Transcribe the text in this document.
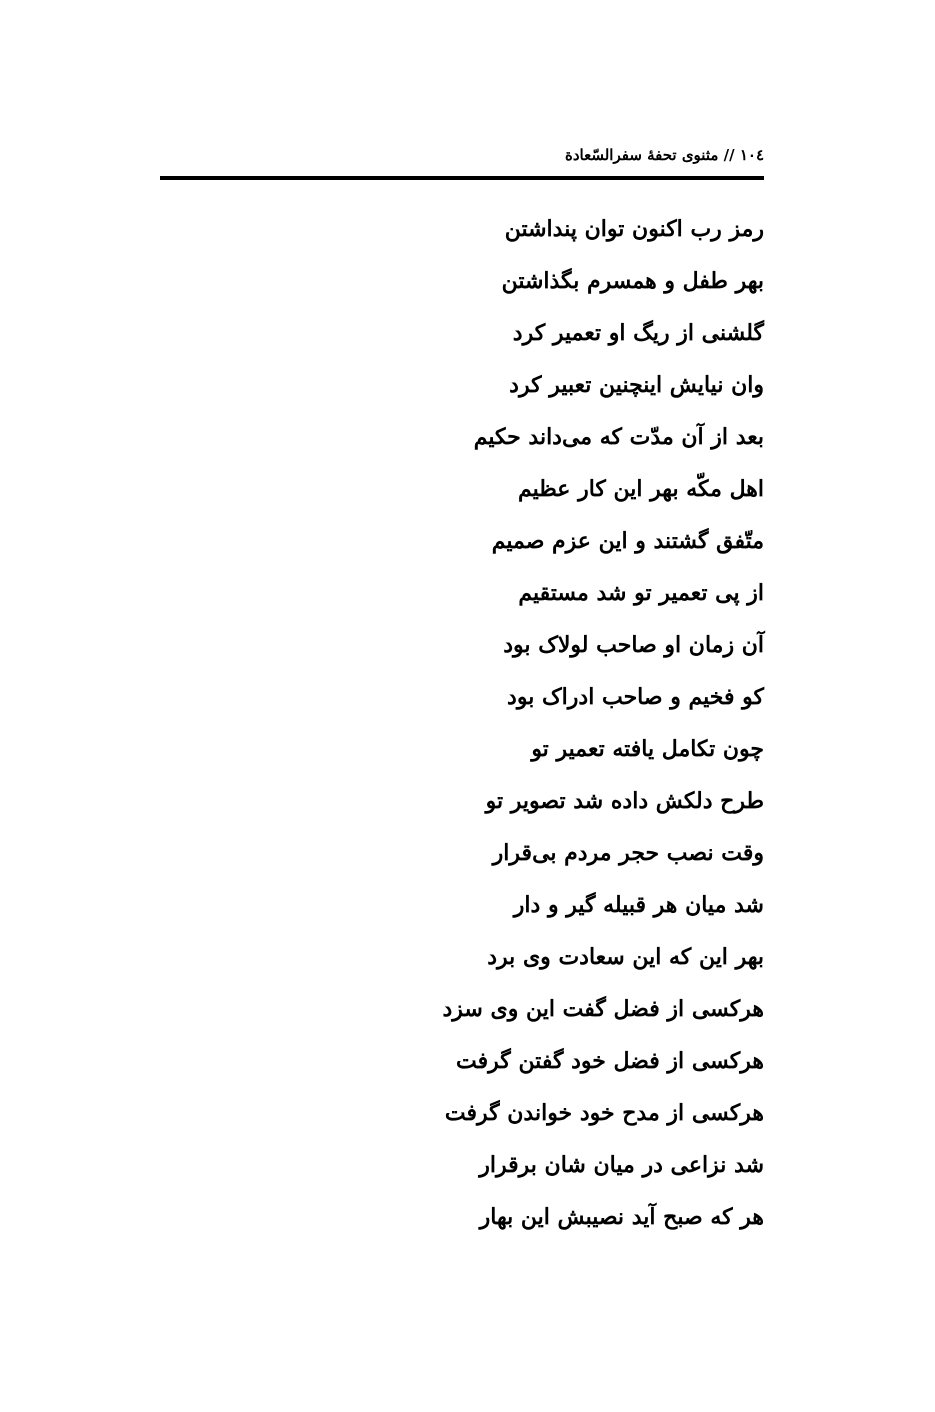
١٠٤ // مثنوی تحفۀ سفرالسّعادة
رمز رب اکنون توان پنداشتن
بهر طفل و همسرم بگذاشتن
گلشنی از ریگ او تعمیر کرد
وان نیایش اینچنین تعبیر کرد
بعد از آن مدّت که می‌داند حکیم
اهل مکّه بهر این کار عظیم
متّفق گشتند و این عزم صمیم
از پی تعمیر تو شد مستقیم
آن زمان او صاحب لولاک بود
کو فخیم و صاحب ادراک بود
چون تکامل یافته تعمیر تو
طرح دلکش داده شد تصویر تو
وقت نصب حجر مردم بی‌قرار
شد میان هر قبیله گیر و دار
بهر این که این سعادت وی برد
هرکسی از فضل گفت این وی سزد
هرکسی از فضل خود گفتن گرفت
هرکسی از مدح خود خواندن گرفت
شد نزاعی در میان شان برقرار
هر که صبح آید نصیبش این بهار
